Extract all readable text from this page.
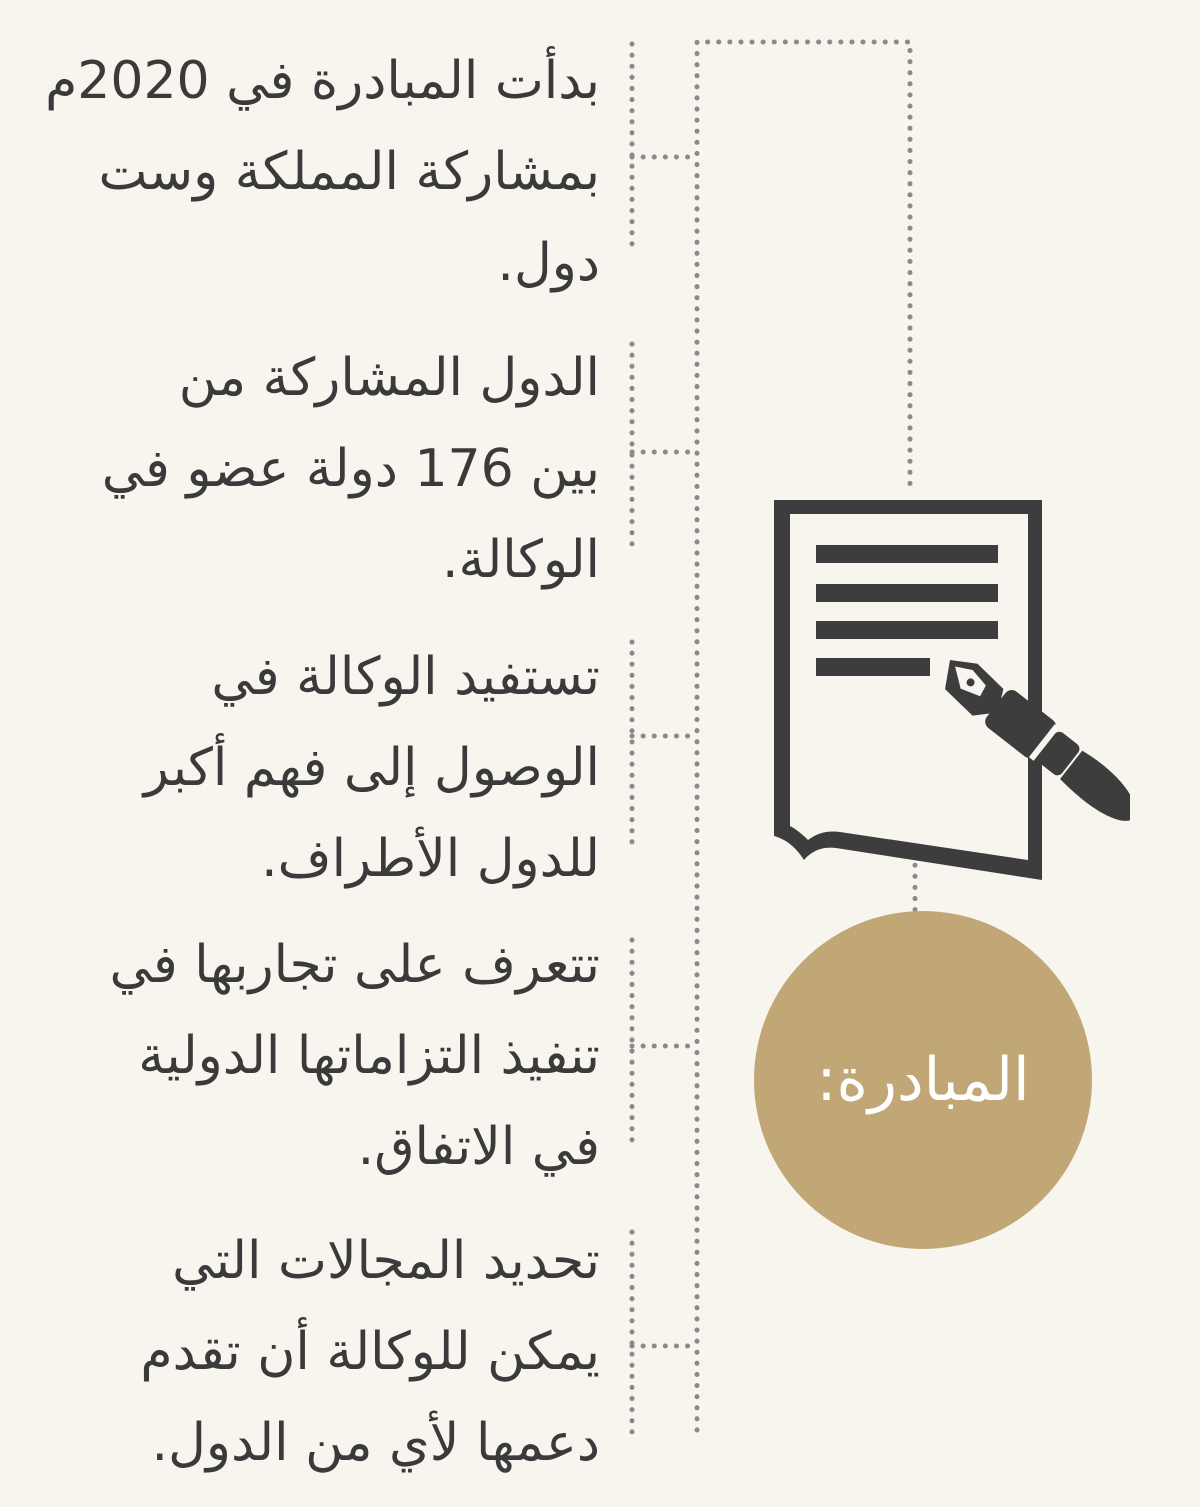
بدأت المبادرة في 2020م
بمشاركة المملكة وست
دول.
الدول المشاركة من
بين 176 دولة عضو في
الوكالة.
تستفيد الوكالة في
الوصول إلى فهم أكبر
للدول الأطراف.
تتعرف على تجاربها في
تنفيذ التزاماتها الدولية
في الاتفاق.
تحديد المجالات التي
يمكن للوكالة أن تقدم
دعمها لأي من الدول.
المبادرة:
